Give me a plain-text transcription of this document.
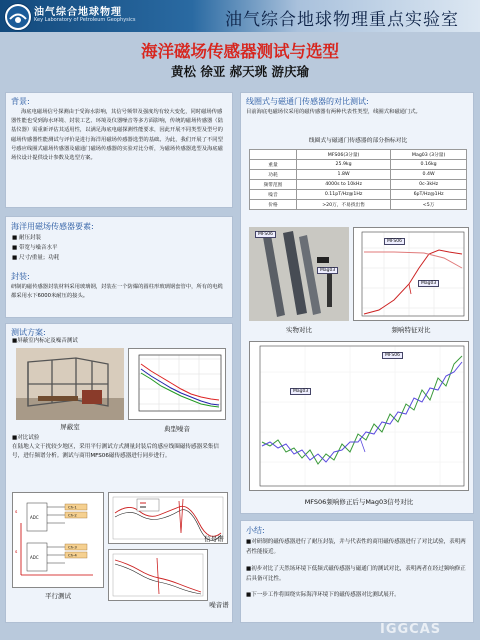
油气综合地球物理
Key Laboratory of Petroleum Geophysics	油气综合地球物理重点实验室
海洋磁场传感器测试与选型
黄松 徐亚 郝天珧 游庆瑜
背景:
海底电磁场信号探测由于受海水影响，其信号频带及强度均有较大变化，同时磁场传感器性能也受到海水环境、封装工艺、环境及仪器噪音等多方面影响，传统的磁场传感器（陆基仪器）需重新评估其适用性，以满足海底电磁探测性能要求，因此开展不同类型及型号的磁场传感器性能测试与评价是进行海洋用磁场传感器选型的基础。为此，我们开展了不同型号感应线圈式磁场传感器及磁通门磁场传感器的实验对比分析，为磁场传感器选型及海底磁场仪设计提供设计参数及选型方案。
海洋用磁场传感器要素:
■ 耐压封装
■ 带宽与噪音水平
■ 尺寸/重量；功耗
封装:
研制的磁传感器封装材料采用玻璃钢，封装在一个防爆的圆柱形玻璃钢套管中，所有的电缆都采用水下6000米耐压的接头。
测试方案:
■屏蔽室内标定及噪音测试
屏蔽室	典型噪音
■对比试验
在陆地人文干扰较少地区，采用平行测试方式测量封装后的感应线圈磁传感器采集信号，进行频谱分析。测试与商用MFS06磁传感器进行同步进行。
s
s
ADC
ADC
Ch-1
Ch-2
Ch-3
Ch-4
平行测试
信号谱
噪音谱
线圈式与磁通门传感器的对比测试:
目前海底电磁场仪采用的磁传感器有两种代表性类型，线圈式和磁通门式。
线圈式与磁通门传感器的部分指标对比
	MFS06(3分量)	Mag03 (3分量)
重量	25.9kg	0.16kg
功耗	1.8W	0.4W
频带范围	4000s to 10kHz	0c-3kHz
噪音	0.11pT/Hz@1Hz	6pT/Hz@1Hz
价格	>20万，不易找出售	<5万
MFS06
Mag03
实物对比
MFS06
Mag03
频响特征对比
MFS06
Mag03
MFS06频响修正后与Mag03信号对比
小结:
■对研制的磁传感器进行了耐压封装，并与代表性的商用磁传感器进行了对比试验，表明两者性能接近。
■初步对比了天然场环境下低频式磁传感器与磁通门的测试对比，表明两者在经过频响修正后具备可比性。
■下一步工作将围绕实际海洋环境下的磁传感器对比测试展开。
IGGCAS
